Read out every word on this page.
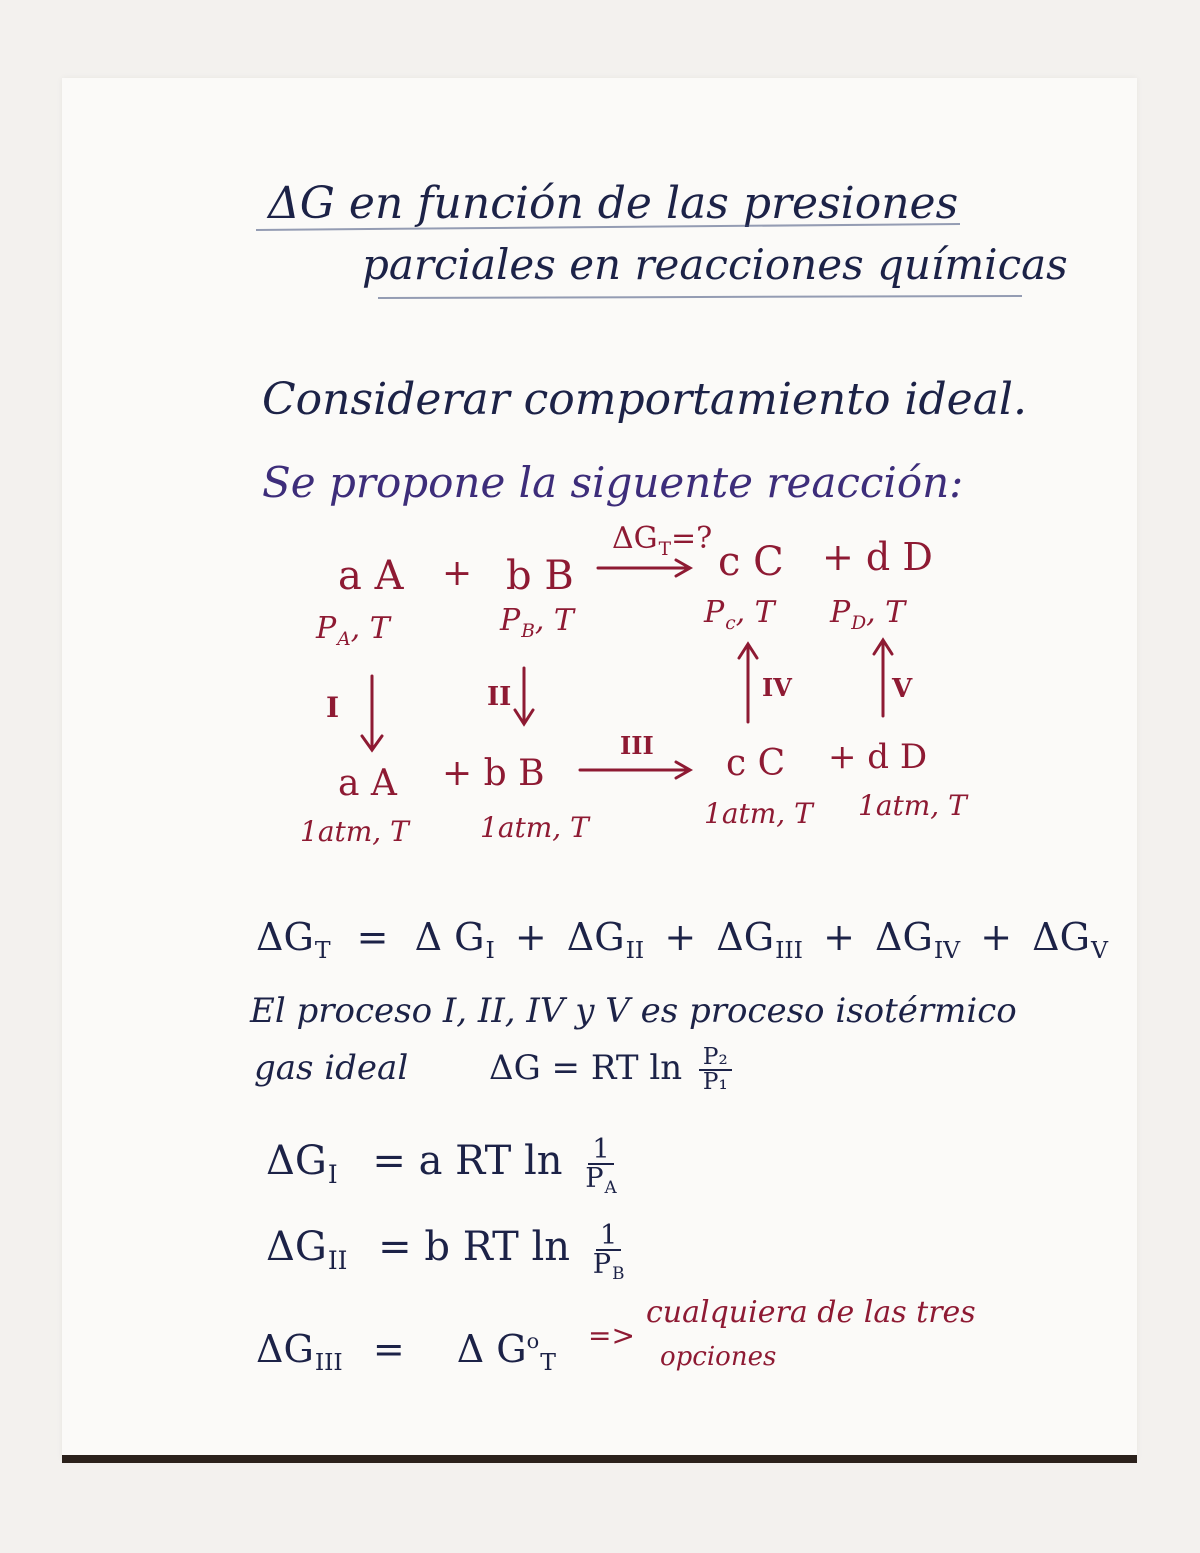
ΔG en función de las presiones
parciales en reacciones químicas
Considerar comportamiento ideal.
Se propone la siguente reacción:
a A + b B
$\Delta G_T=$?
c C + d D
$P_A$, T	$P_B$, T	$P_c$, T $P_D$, T
I	II
III
IV	V
a A + b B	c C + d D
1atm, T	1atm, T	1atm, T 1atm, T
$\Delta G_T = \Delta$ $G_I + \Delta G_{II} + \Delta G_{III} + \Delta G_{IV} + \Delta G_V$
El proceso I, II, IV y V es proceso isotérmico
gas ideal ΔG = RT $\ln \frac{\text{P₂}}{\text{P₁}}$
$\Delta G_I = a$ RT $\ln \frac{1}{P_A}$
$\Delta G_{II} = b$ RT $\ln \frac{1}{P_B}$
$\Delta G_{III} = \Delta$ $G^o_T$
=>
cualquiera de las tres
opciones
